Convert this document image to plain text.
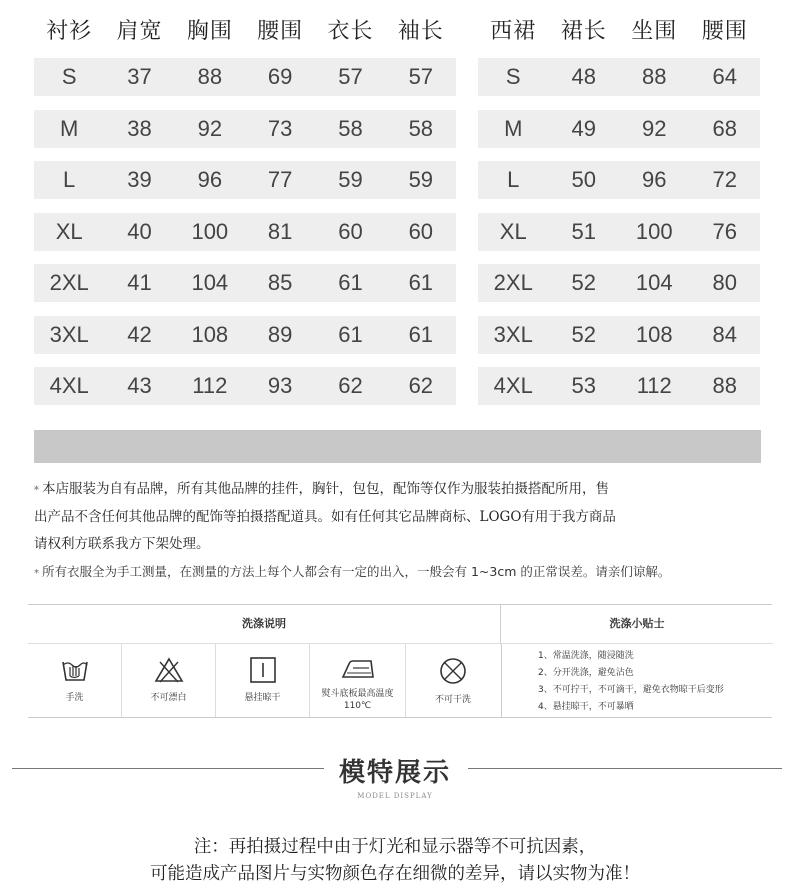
衬衫	肩宽	胸围	腰围	衣长	袖长
S	37	88	69	57	57
M	38	92	73	58	58
L	39	96	77	59	59
XL	40	100	81	60	60
2XL	41	104	85	61	61
3XL	42	108	89	61	61
4XL	43	112	93	62	62
西裙	裙长	坐围	腰围
S	48	88	64
M	49	92	68
L	50	96	72
XL	51	100	76
2XL	52	104	80
3XL	52	108	84
4XL	53	112	88
* 本店服装为自有品牌，所有其他品牌的挂件，胸针，包包，配饰等仅作为服装拍摄搭配所用，售
出产品不含任何其他品牌的配饰等拍摄搭配道具。如有任何其它品牌商标、LOGO有用于我方商品
请权利方联系我方下架处理。
* 所有衣服全为手工测量，在测量的方法上每个人都会有一定的出入，一般会有 1~3cm 的正常误差。请亲们谅解。
洗涤说明	洗涤小贴士
手洗	不可漂白	悬挂晾干	熨斗底板最高温度110℃
不可干洗
1、常温洗涤，随浸随洗
2、分开洗涤，避免沾色
3、不可拧干，不可滴干，避免衣物晾干后变形
4、悬挂晾干，不可暴晒
模特展示
MODEL DISPLAY
注：再拍摄过程中由于灯光和显示器等不可抗因素，
可能造成产品图片与实物颜色存在细微的差异，请以实物为准！
